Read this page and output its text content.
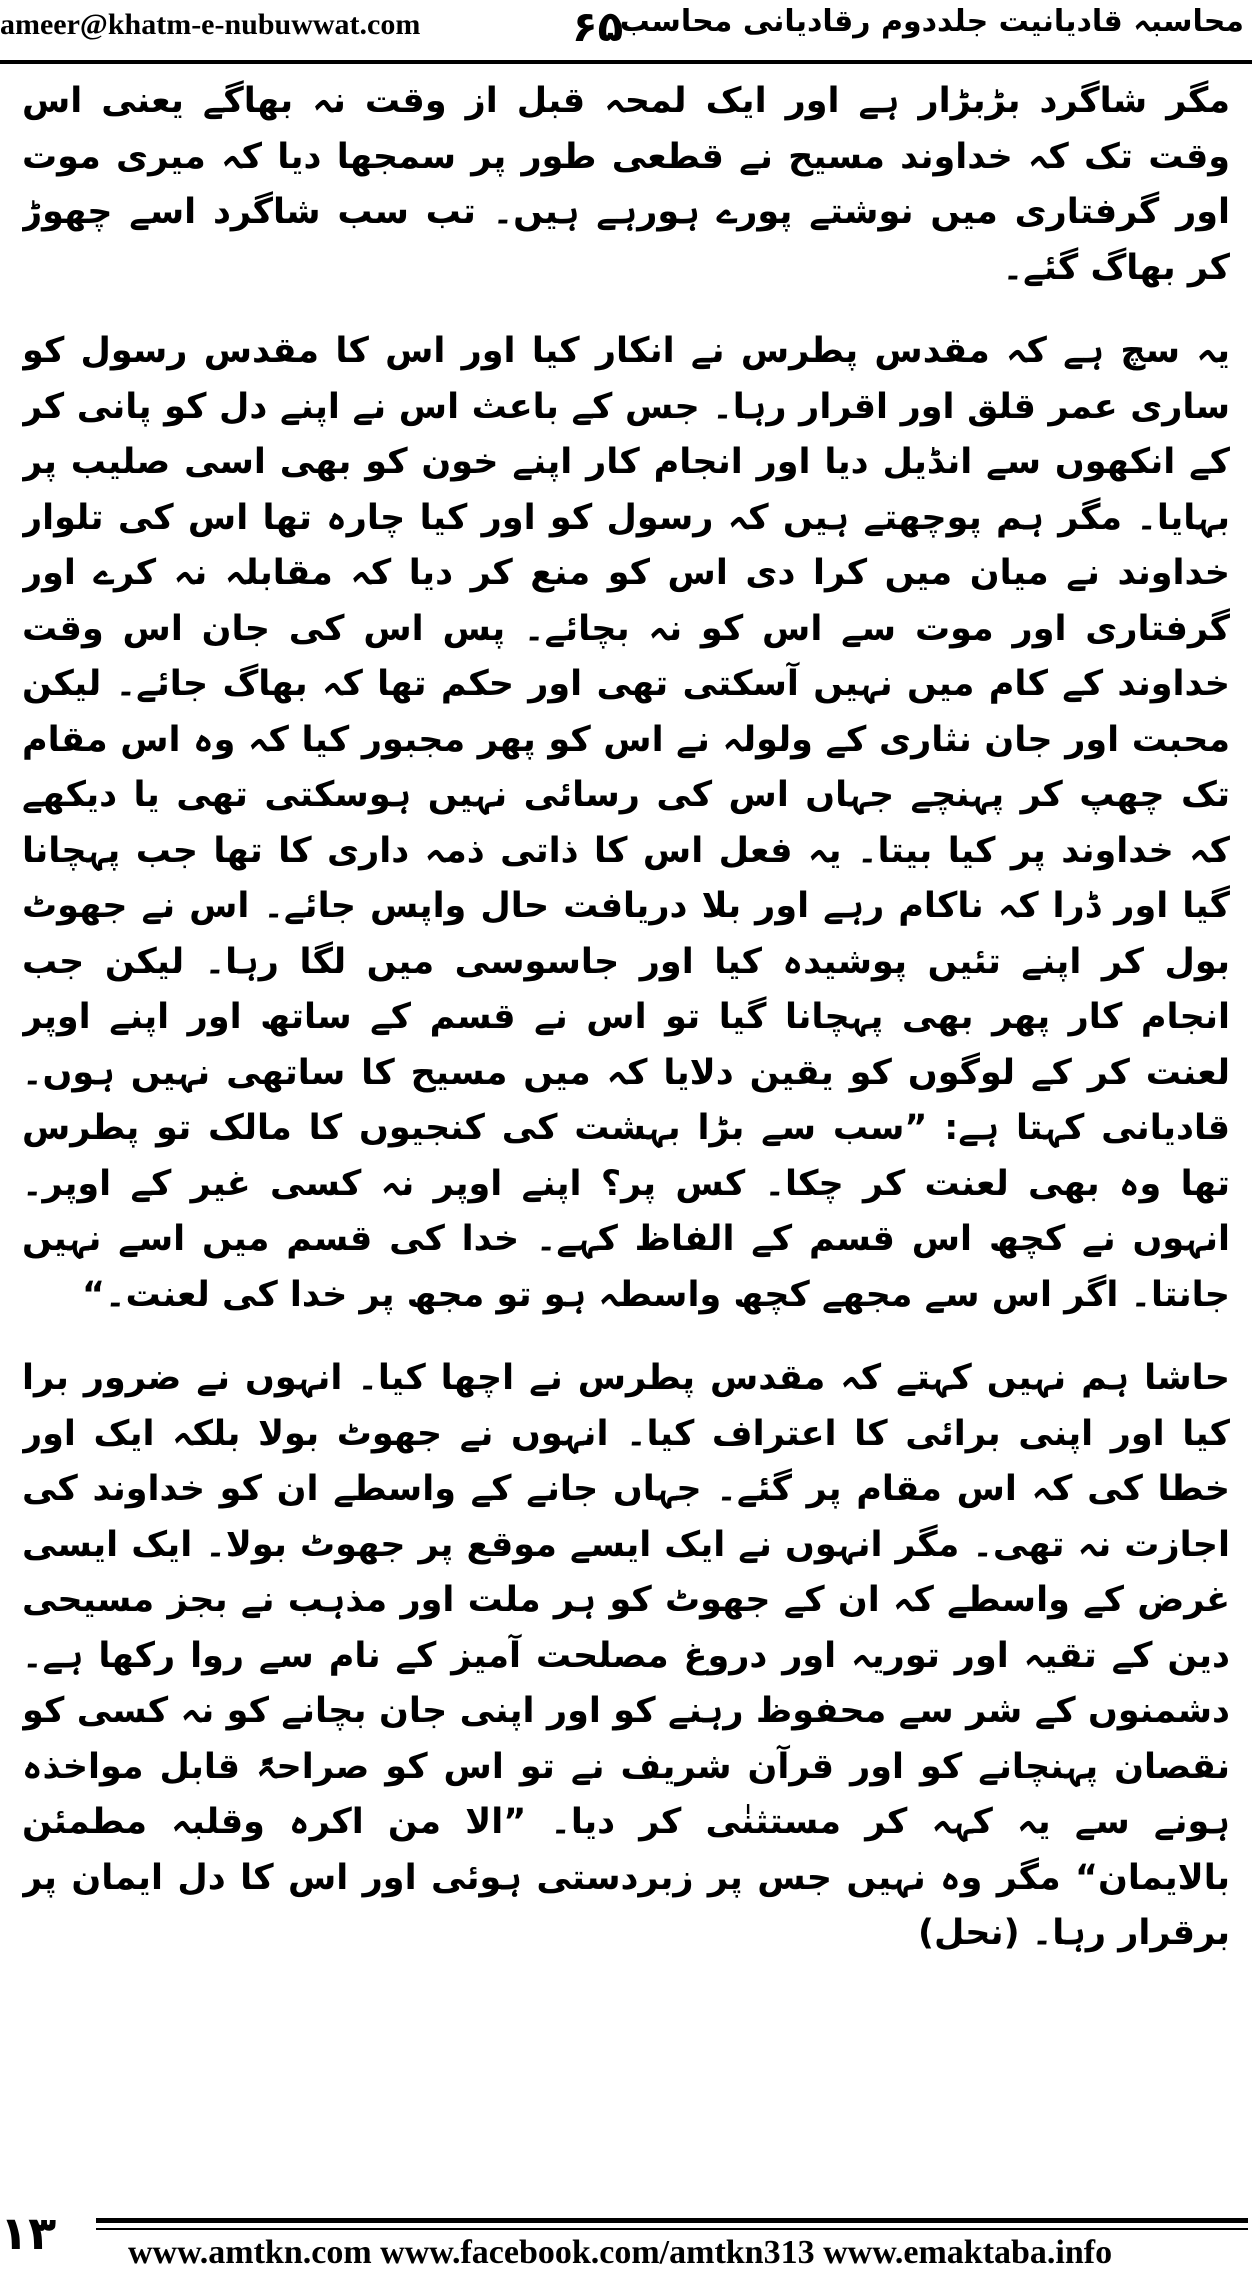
ameer@khatm-e-nubuwwat.com	۶۵
محاسبہ قادیانیت جلددوم رقادیانی محاسب

مگر شاگرد بڑبڑار ہے اور ایک لمحہ قبل از وقت نہ بھاگے یعنی اس وقت تک کہ خداوند مسیح نے قطعی طور پر سمجھا دیا کہ میری موت اور گرفتاری میں نوشتے پورے ہورہے ہیں۔ تب سب شاگرد اسے چھوڑ کر بھاگ گئے۔

یہ سچ ہے کہ مقدس پطرس نے انکار کیا اور اس کا مقدس رسول کو ساری عمر قلق اور اقرار رہا۔ جس کے باعث اس نے اپنے دل کو پانی کر کے انکھوں سے انڈیل دیا اور انجام کار اپنے خون کو بھی اسی صلیب پر بہایا۔ مگر ہم پوچھتے ہیں کہ رسول کو اور کیا چارہ تھا اس کی تلوار خداوند نے میان میں کرا دی اس کو منع کر دیا کہ مقابلہ نہ کرے اور گرفتاری اور موت سے اس کو نہ بچائے۔ پس اس کی جان اس وقت خداوند کے کام میں نہیں آسکتی تھی اور حکم تھا کہ بھاگ جائے۔ لیکن محبت اور جان نثاری کے ولولہ نے اس کو پھر مجبور کیا کہ وہ اس مقام تک چھپ کر پہنچے جہاں اس کی رسائی نہیں ہوسکتی تھی یا دیکھے کہ خداوند پر کیا بیتا۔ یہ فعل اس کا ذاتی ذمہ داری کا تھا جب پہچانا گیا اور ڈرا کہ ناکام رہے اور بلا دریافت حال واپس جائے۔ اس نے جھوٹ بول کر اپنے تئیں پوشیدہ کیا اور جاسوسی میں لگا رہا۔ لیکن جب انجام کار پھر بھی پہچانا گیا تو اس نے قسم کے ساتھ اور اپنے اوپر لعنت کر کے لوگوں کو یقین دلایا کہ میں مسیح کا ساتھی نہیں ہوں۔ قادیانی کہتا ہے: ”سب سے بڑا بہشت کی کنجیوں کا مالک تو پطرس تھا وہ بھی لعنت کر چکا۔ کس پر؟ اپنے اوپر نہ کسی غیر کے اوپر۔ انہوں نے کچھ اس قسم کے الفاظ کہے۔ خدا کی قسم میں اسے نہیں جانتا۔ اگر اس سے مجھے کچھ واسطہ ہو تو مجھ پر خدا کی لعنت۔“

حاشا ہم نہیں کہتے کہ مقدس پطرس نے اچھا کیا۔ انہوں نے ضرور برا کیا اور اپنی برائی کا اعتراف کیا۔ انہوں نے جھوٹ بولا بلکہ ایک اور خطا کی کہ اس مقام پر گئے۔ جہاں جانے کے واسطے ان کو خداوند کی اجازت نہ تھی۔ مگر انہوں نے ایک ایسے موقع پر جھوٹ بولا۔ ایک ایسی غرض کے واسطے کہ ان کے جھوٹ کو ہر ملت اور مذہب نے بجز مسیحی دین کے تقیہ اور توریہ اور دروغ مصلحت آمیز کے نام سے روا رکھا ہے۔ دشمنوں کے شر سے محفوظ رہنے کو اور اپنی جان بچانے کو نہ کسی کو نقصان پہنچانے کو اور قرآن شریف نے تو اس کو صراحۃً قابل مواخذہ ہونے سے یہ کہہ کر مستثنٰی کر دیا۔ ”الا من اکرہ وقلبہ مطمئن بالایمان“ مگر وہ نہیں جس پر زبردستی ہوئی اور اس کا دل ایمان پر برقرار رہا۔ (نحل)

۱۳ www.amtkn.com www.facebook.com/amtkn313 www.emaktaba.info
